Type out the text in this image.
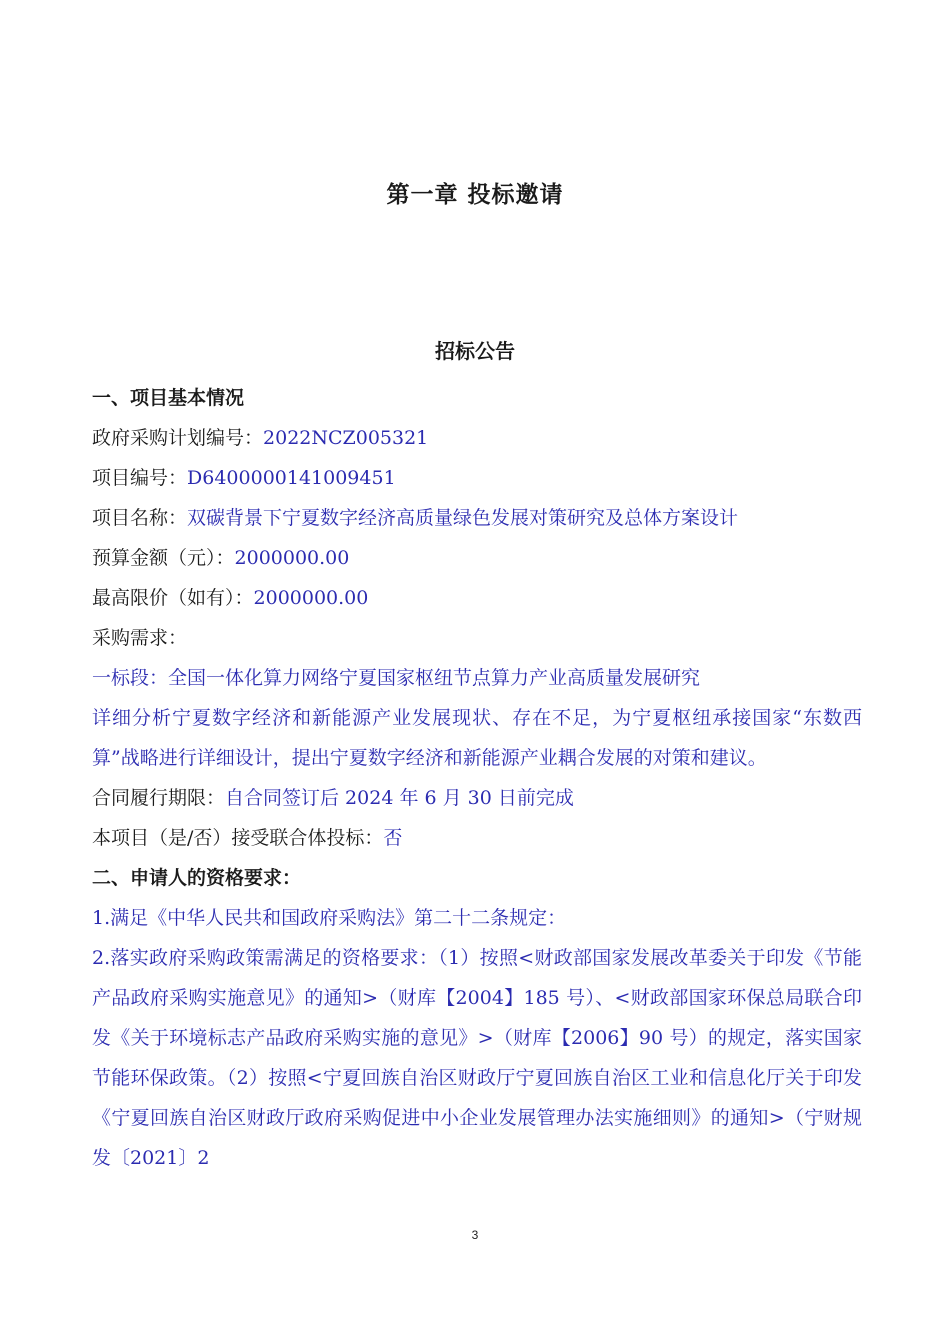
第一章 投标邀请
招标公告

一、项目基本情况

政府采购计划编号：2022NCZ005321

项目编号：D6400000141009451

项目名称：双碳背景下宁夏数字经济高质量绿色发展对策研究及总体方案设计

预算金额（元）：2000000.00

最高限价（如有）：2000000.00

采购需求：

一标段：全国一体化算力网络宁夏国家枢纽节点算力产业高质量发展研究

详细分析宁夏数字经济和新能源产业发展现状、存在不足，为宁夏枢纽承接国家“东数西算”战略进行详细设计，提出宁夏数字经济和新能源产业耦合发展的对策和建议。

合同履行期限：自合同签订后 2024 年 6 月 30 日前完成

本项目（是/否）接受联合体投标：否

二、申请人的资格要求：

1.满足《中华人民共和国政府采购法》第二十二条规定：

2.落实政府采购政策需满足的资格要求：（1）按照<财政部国家发展改革委关于印发《节能产品政府采购实施意见》的通知>（财库【2004】185 号）、<财政部国家环保总局联合印发《关于环境标志产品政府采购实施的意见》>（财库【2006】90 号）的规定，落实国家节能环保政策。（2）按照<宁夏回族自治区财政厅宁夏回族自治区工业和信息化厅关于印发《宁夏回族自治区财政厅政府采购促进中小企业发展管理办法实施细则》的通知>（宁财规发〔2021〕2

3
